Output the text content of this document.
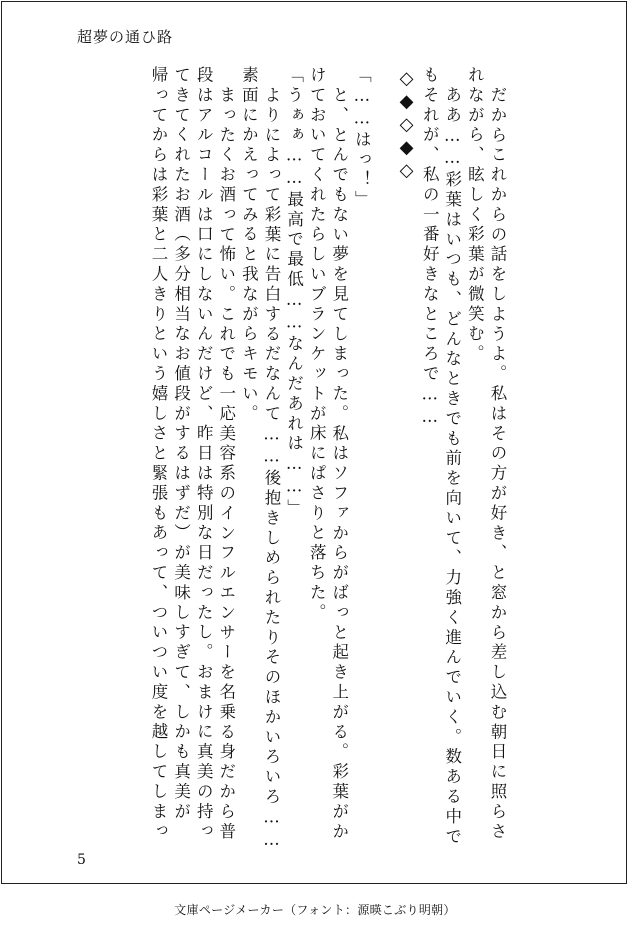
超夢の通ひ路
だからこれからの話をしようよ。私はその方が好き、と窓から差し込む朝日に照らさ
れながら、眩しく彩葉が微笑む。
ああ……彩葉はいつも、どんなときでも前を向いて、力強く進んでいく。数ある中で
もそれが、私の一番好きなところで……
「……はっ！」
と、とんでもない夢を見てしまった。私はソファからがばっと起き上がる。彩葉がか
けておいてくれたらしいブランケットが床にぱさりと落ちた。
「うぁぁ……最高で最低……なんだあれは……」
よりによって彩葉に告白するだなんて……後抱きしめられたりそのほかいろいろ……
素面にかえってみると我ながらキモい。
まったくお酒って怖い。これでも一応美容系のインフルエンサーを名乗る身だから普
段はアルコールは口にしないんだけど、昨日は特別な日だったし。おまけに真美の持っ
てきてくれたお酒（多分相当なお値段がするはずだ）が美味しすぎて、しかも真美が
帰ってからは彩葉と二人きりという嬉しさと緊張もあって、ついつい度を越してしまっ	◇◆◇◆◇
5
文庫ページメーカー（フォント：源暎こぶり明朝）
